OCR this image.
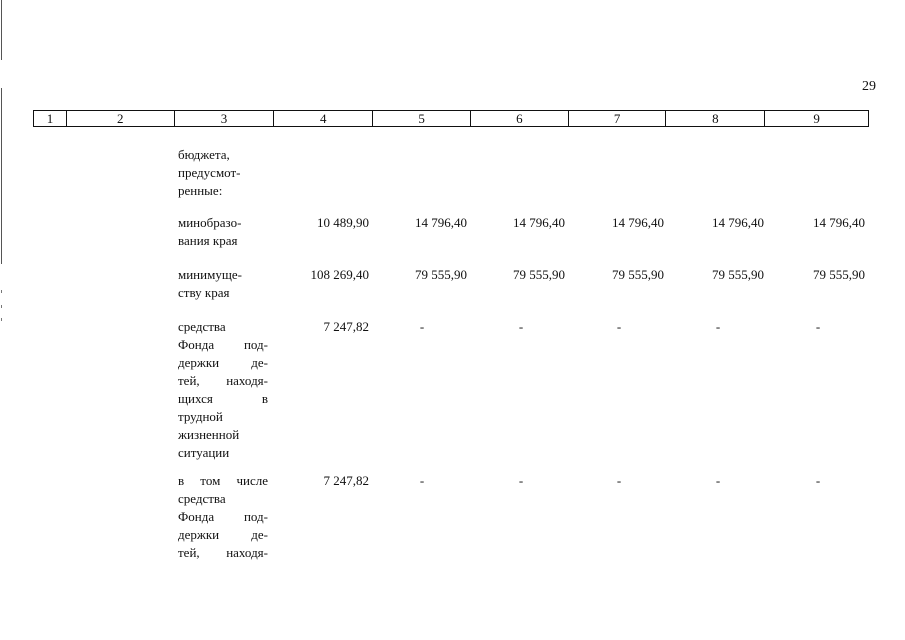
29
1	2	3	4	5	6	7	8	9
бюджета,
предусмот-
ренные:
минобразо-
вания края
10 489,90	14 796,40	14 796,40	14 796,40	14 796,40	14 796,40
минимуще-
ству края
108 269,40	79 555,90	79 555,90	79 555,90	79 555,90	79 555,90
средства
Фонда под-
держки де-
тей, находя-
щихся в
трудной
жизненной
ситуации
7 247,82	-	-	-	-	-
в том числе
средства
Фонда под-
держки де-
тей, находя-
7 247,82	-	-	-	-	-
